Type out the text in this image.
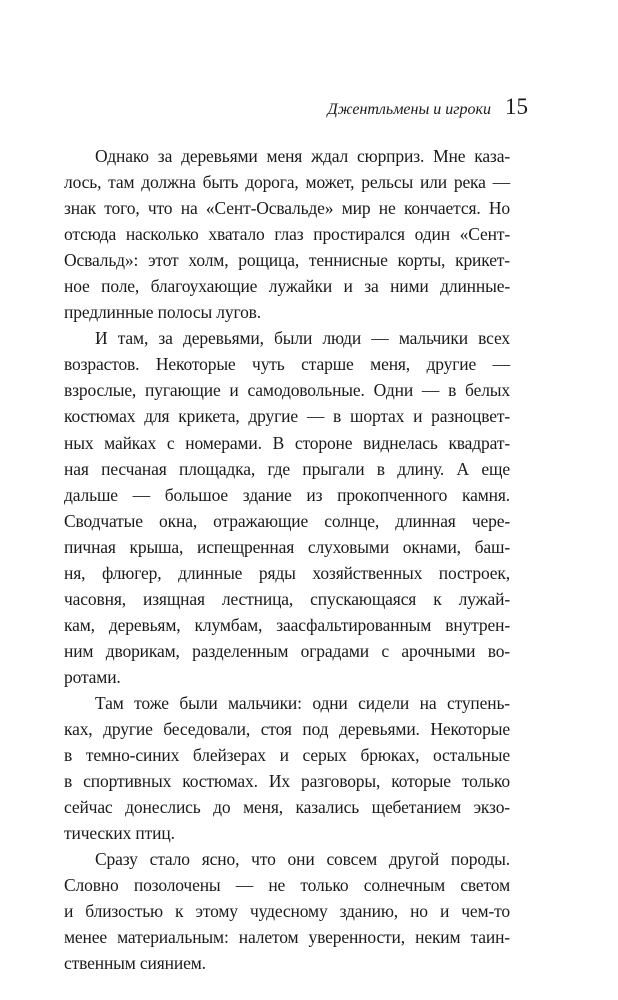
Джентльмены и игроки 15
Однако за деревьями меня ждал сюрприз. Мне каза-
лось, там должна быть дорога, может, рельсы или река —
знак того, что на «Сент-Освальде» мир не кончается. Но
отсюда насколько хватало глаз простирался один «Сент-
Освальд»: этот холм, рощица, теннисные корты, крикет-
ное поле, благоухающие лужайки и за ними длинные-
предлинные полосы лугов.
И там, за деревьями, были люди — мальчики всех
возрастов. Некоторые чуть старше меня, другие —
взрослые, пугающие и самодовольные. Одни — в белых
костюмах для крикета, другие — в шортах и разноцвет-
ных майках с номерами. В стороне виднелась квадрат-
ная песчаная площадка, где прыгали в длину. А еще
дальше — большое здание из прокопченного камня.
Сводчатые окна, отражающие солнце, длинная чере-
пичная крыша, испещренная слуховыми окнами, баш-
ня, флюгер, длинные ряды хозяйственных построек,
часовня, изящная лестница, спускающаяся к лужай-
кам, деревьям, клумбам, заасфальтированным внутрен-
ним дворикам, разделенным оградами с арочными во-
ротами.
Там тоже были мальчики: одни сидели на ступень-
ках, другие беседовали, стоя под деревьями. Некоторые
в темно-синих блейзерах и серых брюках, остальные
в спортивных костюмах. Их разговоры, которые только
сейчас донеслись до меня, казались щебетанием экзо-
тических птиц.
Сразу стало ясно, что они совсем другой породы.
Словно позолочены — не только солнечным светом
и близостью к этому чудесному зданию, но и чем-то
менее материальным: налетом уверенности, неким таин-
ственным сиянием.
